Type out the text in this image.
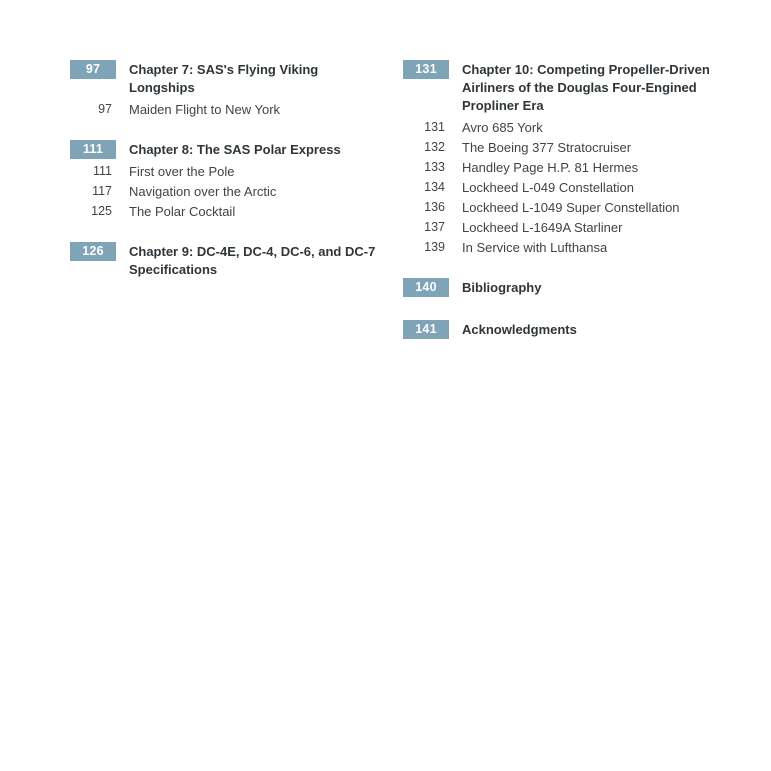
97	Chapter 7: SAS's Flying Viking Longships
97	Maiden Flight to New York
111	Chapter 8: The SAS Polar Express
111	First over the Pole
117	Navigation over the Arctic
125	The Polar Cocktail
126	Chapter 9: DC-4E, DC-4, DC-6, and DC-7 Specifications
131	Chapter 10: Competing Propeller-Driven Airliners of the Douglas Four-Engined Propliner Era
131	Avro 685 York
132	The Boeing 377 Stratocruiser
133	Handley Page H.P. 81 Hermes
134	Lockheed L-049 Constellation
136	Lockheed L-1049 Super Constellation
137	Lockheed L-1649A Starliner
139	In Service with Lufthansa
140	Bibliography
141	Acknowledgments
